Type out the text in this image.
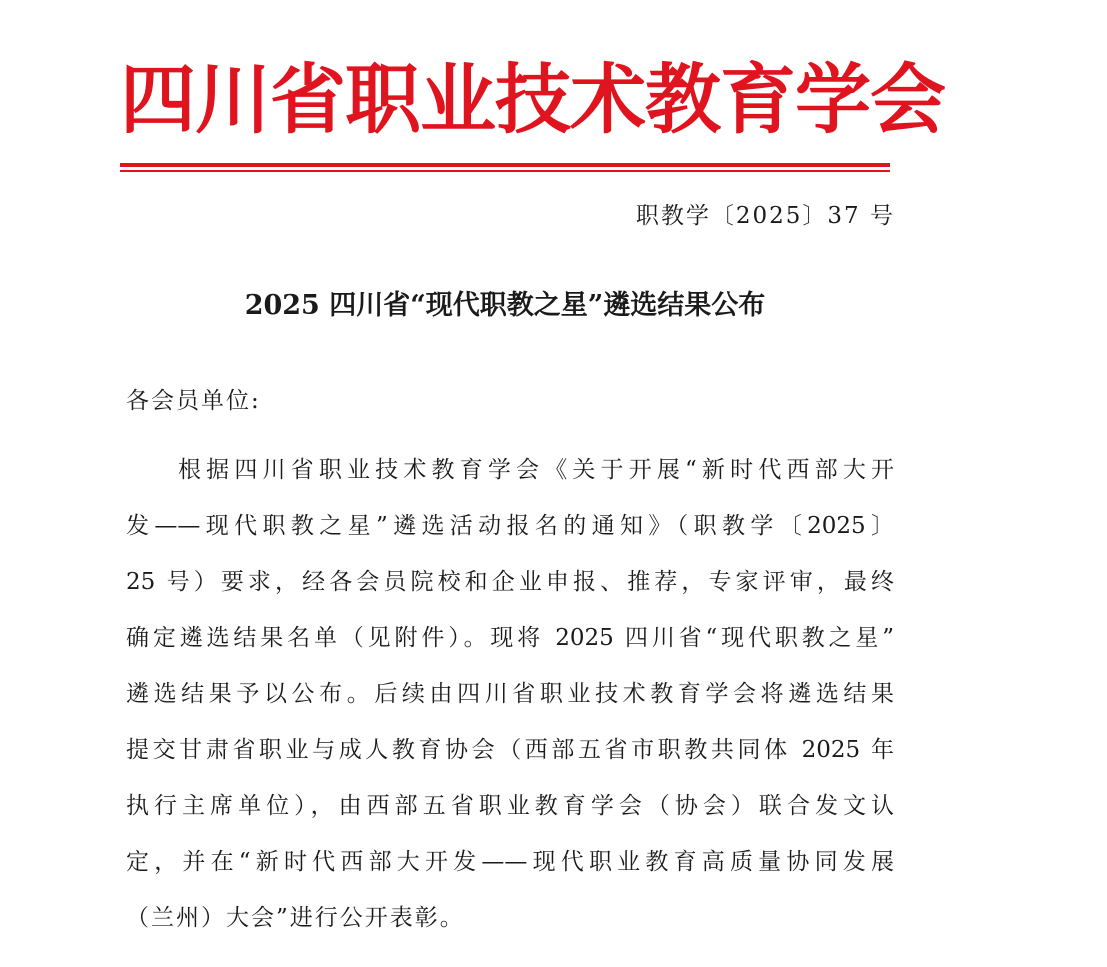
四川省职业技术教育学会
职教学〔2025〕37 号
2025 四川省“现代职教之星”遴选结果公布
各会员单位:
根据四川省职业技术教育学会《关于开展“新时代西部大开
发——现代职教之星”遴选活动报名的通知》（职教学〔2025〕
25 号）要求，经各会员院校和企业申报、推荐，专家评审，最终
确定遴选结果名单（见附件）。现将 2025 四川省“现代职教之星”
遴选结果予以公布。后续由四川省职业技术教育学会将遴选结果
提交甘肃省职业与成人教育协会（西部五省市职教共同体 2025 年
执行主席单位），由西部五省职业教育学会（协会）联合发文认
定，并在“新时代西部大开发——现代职业教育高质量协同发展
（兰州）大会”进行公开表彰。
